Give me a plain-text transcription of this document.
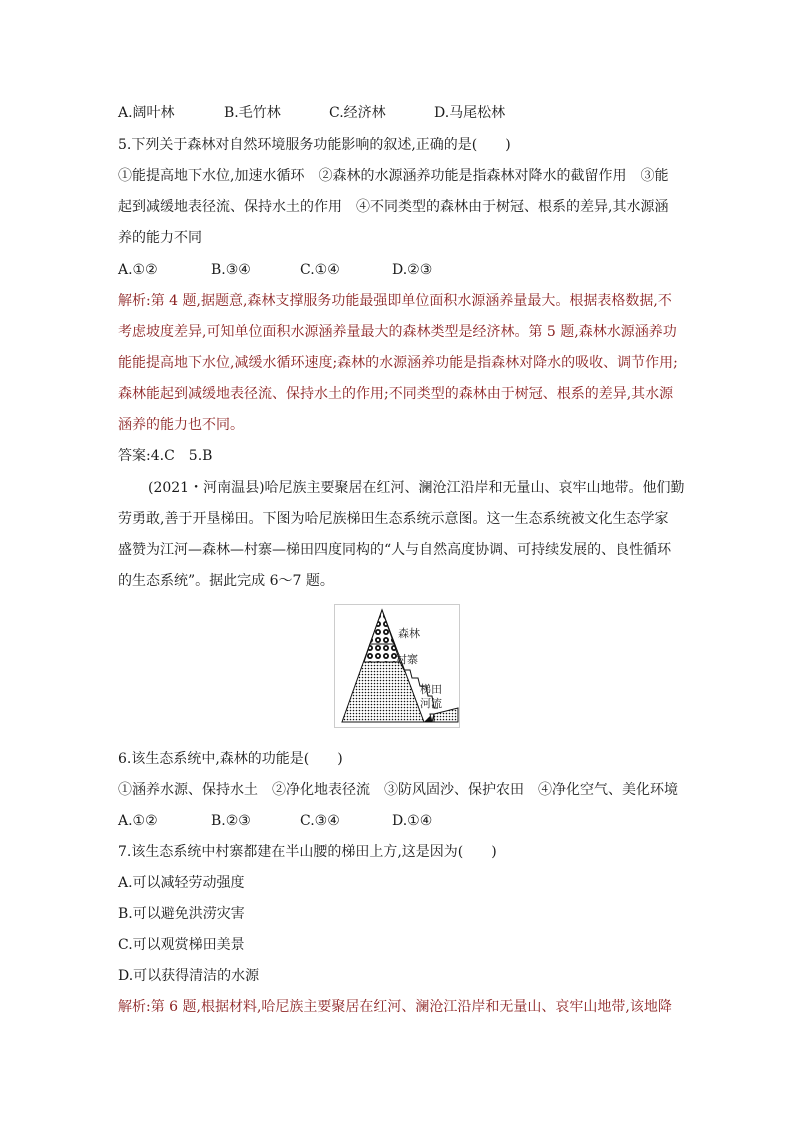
A.阔叶林	B.毛竹林	C.经济林	D.马尾松林
5.下列关于森林对自然环境服务功能影响的叙述,正确的是(　　)
①能提高地下水位,加速水循环　②森林的水源涵养功能是指森林对降水的截留作用　③能
起到减缓地表径流、保持水土的作用　④不同类型的森林由于树冠、根系的差异,其水源涵
养的能力不同
A.①②	B.③④	C.①④	D.②③
解析:第 4 题,据题意,森林支撑服务功能最强即单位面积水源涵养量最大。根据表格数据,不
考虑坡度差异,可知单位面积水源涵养量最大的森林类型是经济林。第 5 题,森林水源涵养功
能能提高地下水位,减缓水循环速度;森林的水源涵养功能是指森林对降水的吸收、调节作用;
森林能起到减缓地表径流、保持水土的作用;不同类型的森林由于树冠、根系的差异,其水源
涵养的能力也不同。
答案:4.C　5.B
(2021・河南温县)哈尼族主要聚居在红河、澜沧江沿岸和无量山、哀牢山地带。他们勤
劳勇敢,善于开垦梯田。下图为哈尼族梯田生态系统示意图。这一生态系统被文化生态学家
盛赞为江河—森林—村寨—梯田四度同构的“人与自然高度协调、可持续发展的、良性循环
的生态系统”。据此完成 6～7 题。
森林
村寨
梯田
河流
6.该生态系统中,森林的功能是(　　)
①涵养水源、保持水土　②净化地表径流　③防风固沙、保护农田　④净化空气、美化环境
A.①②	B.②③	C.③④	D.①④
7.该生态系统中村寨都建在半山腰的梯田上方,这是因为(　　)
A.可以减轻劳动强度
B.可以避免洪涝灾害
C.可以观赏梯田美景
D.可以获得清洁的水源
解析:第 6 题,根据材料,哈尼族主要聚居在红河、澜沧江沿岸和无量山、哀牢山地带,该地降
